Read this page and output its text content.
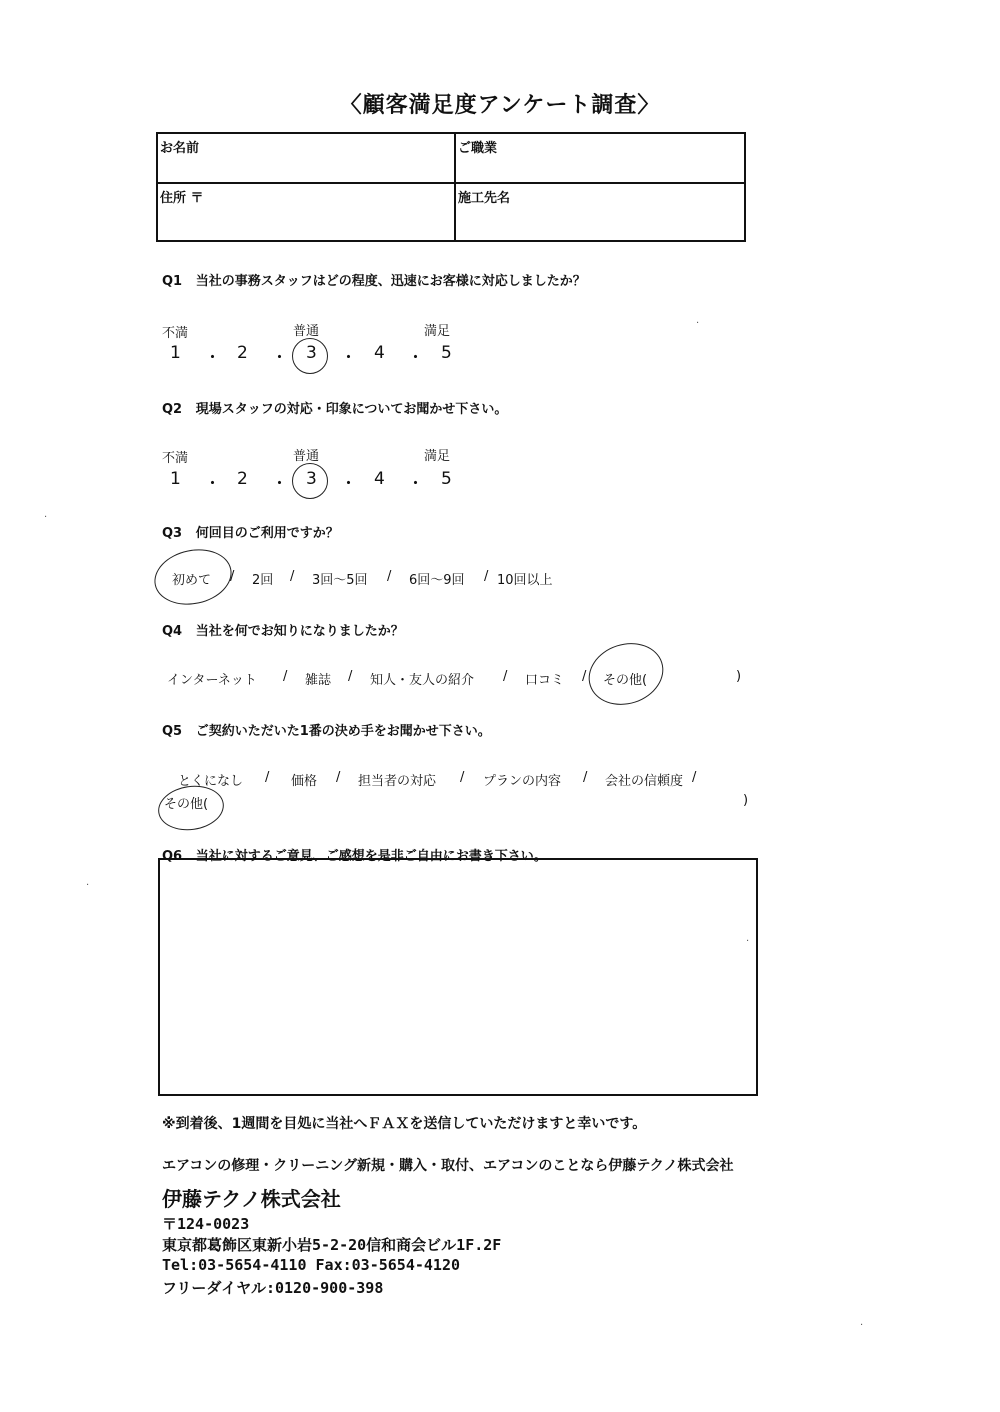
〈顧客満足度アンケート調査〉
お名前	ご職業
住所 〒	施工先名
Q1 当社の事務スタッフはどの程度、迅速にお客様に対応しましたか？
不満	普通	満足
1 ・ 2 ・ 3 ・ 4 ・ 5
Q2 現場スタッフの対応・印象についてお聞かせ下さい。
不満	普通	満足
1 ・ 2 ・ 3 ・ 4 ・ 5
Q3 何回目のご利用ですか？
初めて / 2回 / 3回～5回 / 6回～9回 / 10回以上
Q4 当社を何でお知りになりましたか？
インターネット / 雑誌 / 知人・友人の紹介 / 口コミ / その他(	)
Q5 ご契約いただいた1番の決め手をお聞かせ下さい。
とくになし / 価格 / 担当者の対応 / プランの内容 / 会社の信頼度 /
その他(	)
Q6 当社に対するご意見、ご感想を是非ご自由にお書き下さい。
※到着後、1週間を目処に当社へＦＡＸを送信していただけますと幸いです。
エアコンの修理・クリーニング新規・購入・取付、エアコンのことなら伊藤テクノ株式会社
伊藤テクノ株式会社
〒124-0023
東京都葛飾区東新小岩5-2-20信和商会ビル1F.2F
Tel:03-5654-4110 Fax:03-5654-4120
フリーダイヤル:0120-900-398
·
·
·
·
·
